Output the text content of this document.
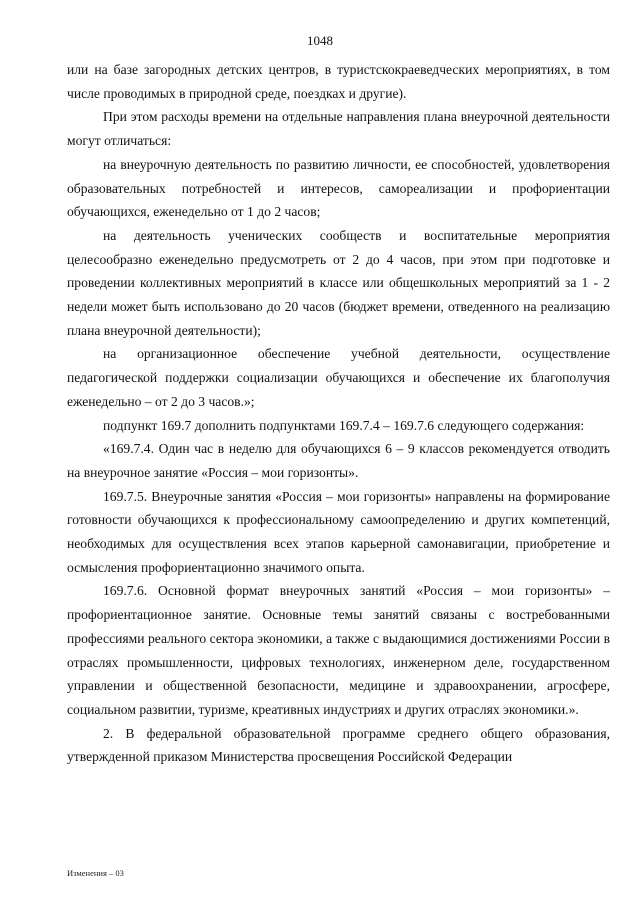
1048

или на базе загородных детских центров, в туристскокраеведческих мероприятиях, в том числе проводимых в природной среде, поездках и другие).

При этом расходы времени на отдельные направления плана внеурочной деятельности могут отличаться:

на внеурочную деятельность по развитию личности, ее способностей, удовлетворения образовательных потребностей и интересов, самореализации и профориентации обучающихся, еженедельно от 1 до 2 часов;

на деятельность ученических сообществ и воспитательные мероприятия целесообразно еженедельно предусмотреть от 2 до 4 часов, при этом при подготовке и проведении коллективных мероприятий в классе или общешкольных мероприятий за 1 - 2 недели может быть использовано до 20 часов (бюджет времени, отведенного на реализацию плана внеурочной деятельности);

на организационное обеспечение учебной деятельности, осуществление педагогической поддержки социализации обучающихся и обеспечение их благополучия еженедельно – от 2 до 3 часов.»;

подпункт 169.7 дополнить подпунктами 169.7.4 – 169.7.6 следующего содержания:

«169.7.4. Один час в неделю для обучающихся 6 – 9 классов рекомендуется отводить на внеурочное занятие «Россия – мои горизонты».

169.7.5. Внеурочные занятия «Россия – мои горизонты» направлены на формирование готовности обучающихся к профессиональному самоопределению и других компетенций, необходимых для осуществления всех этапов карьерной самонавигации, приобретение и осмысления профориентационно значимого опыта.

169.7.6. Основной формат внеурочных занятий «Россия – мои горизонты» – профориентационное занятие. Основные темы занятий связаны с востребованными профессиями реального сектора экономики, а также с выдающимися достижениями России в отраслях промышленности, цифровых технологиях, инженерном деле, государственном управлении и общественной безопасности, медицине и здравоохранении, агросфере, социальном развитии, туризме, креативных индустриях и других отраслях экономики.».

2. В федеральной образовательной программе среднего общего образования, утвержденной приказом Министерства просвещения Российской Федерации

Изменения – 03
